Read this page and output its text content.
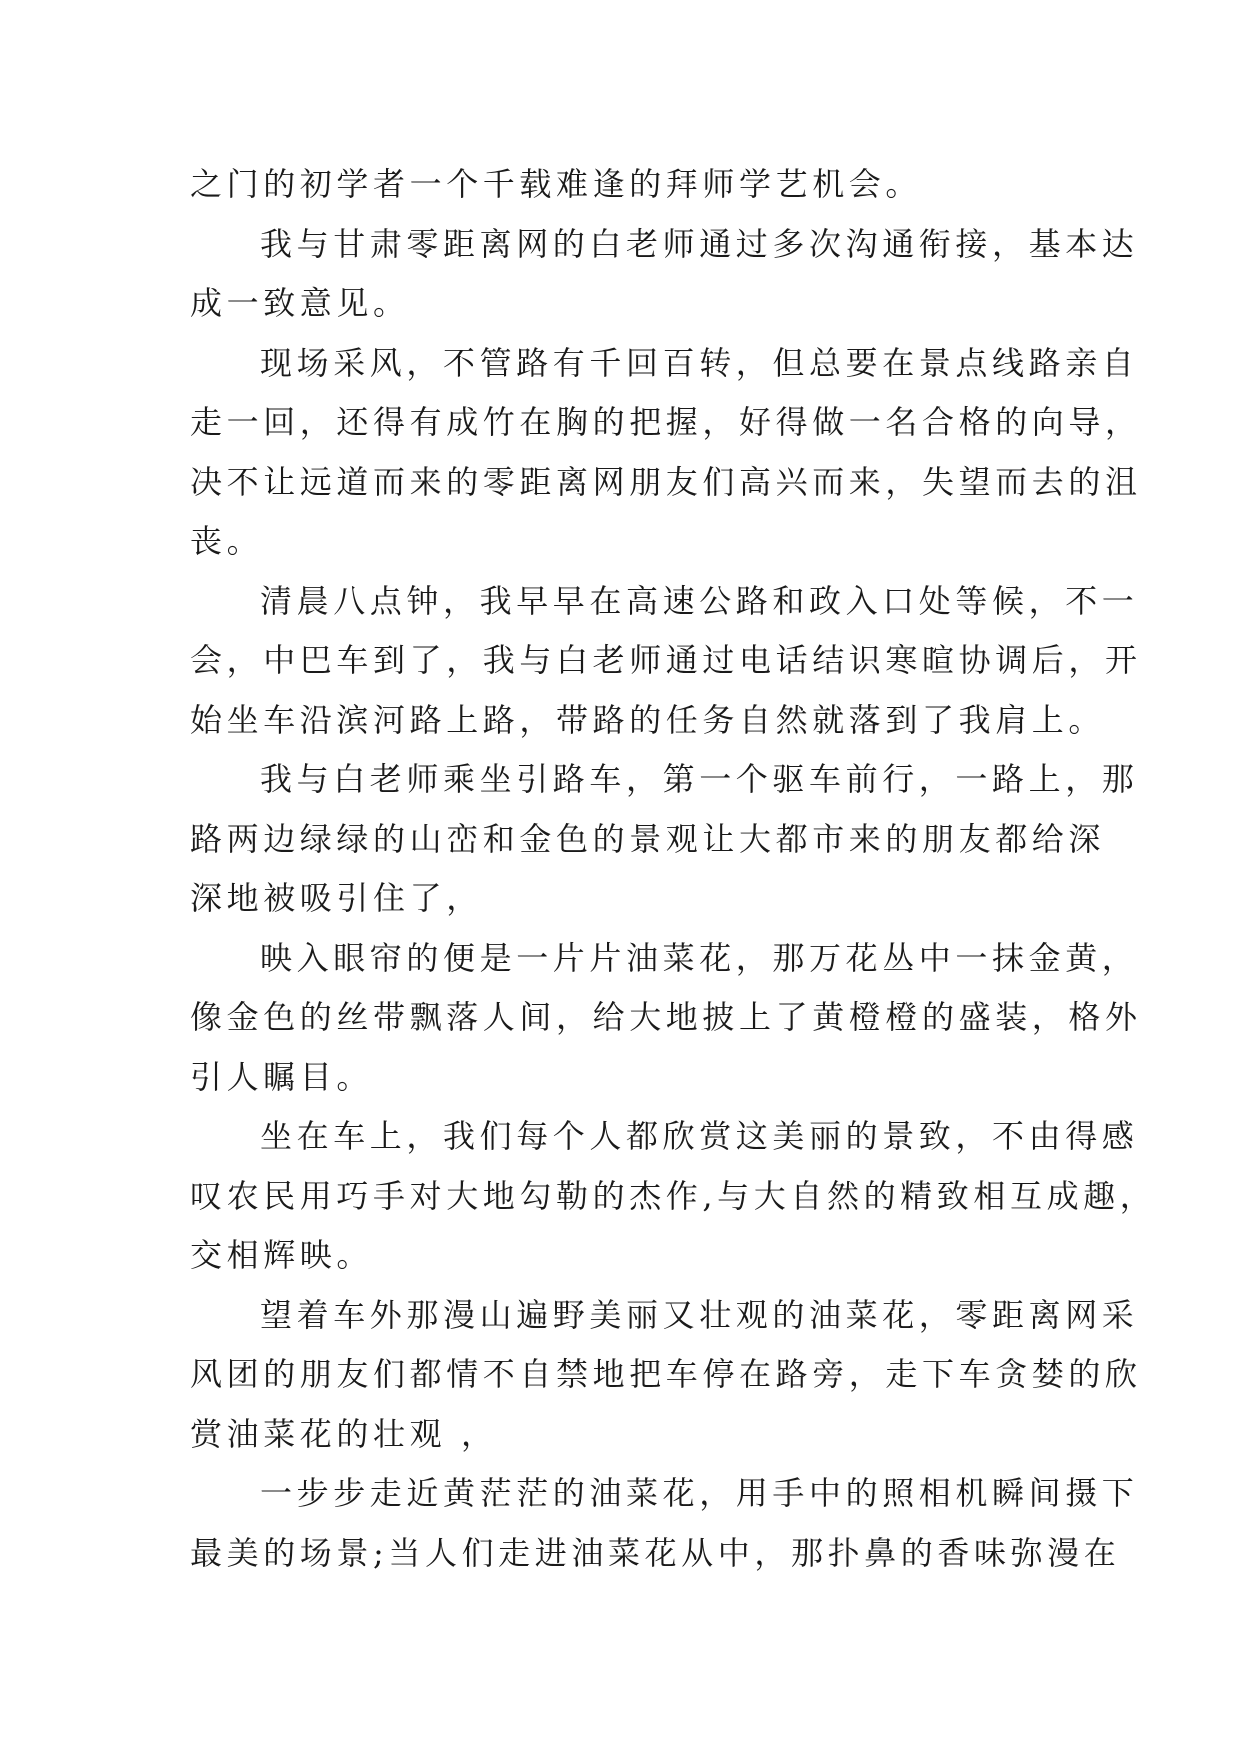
之门的初学者一个千载难逢的拜师学艺机会。
我与甘肃零距离网的白老师通过多次沟通衔接，基本达
成一致意见。
现场采风，不管路有千回百转，但总要在景点线路亲自
走一回，还得有成竹在胸的把握，好得做一名合格的向导，
决不让远道而来的零距离网朋友们高兴而来，失望而去的沮
丧。
清晨八点钟，我早早在高速公路和政入口处等候，不一
会，中巴车到了，我与白老师通过电话结识寒暄协调后，开
始坐车沿滨河路上路，带路的任务自然就落到了我肩上。
我与白老师乘坐引路车，第一个驱车前行，一路上，那
路两边绿绿的山峦和金色的景观让大都市来的朋友都给深
深地被吸引住了，
映入眼帘的便是一片片油菜花，那万花丛中一抹金黄，
像金色的丝带飘落人间，给大地披上了黄橙橙的盛装，格外
引人瞩目。
坐在车上，我们每个人都欣赏这美丽的景致，不由得感
叹农民用巧手对大地勾勒的杰作,与大自然的精致相互成趣，
交相辉映。
望着车外那漫山遍野美丽又壮观的油菜花，零距离网采
风团的朋友们都情不自禁地把车停在路旁，走下车贪婪的欣
赏油菜花的壮观 ，
一步步走近黄茫茫的油菜花，用手中的照相机瞬间摄下
最美的场景;当人们走进油菜花从中，那扑鼻的香味弥漫在
